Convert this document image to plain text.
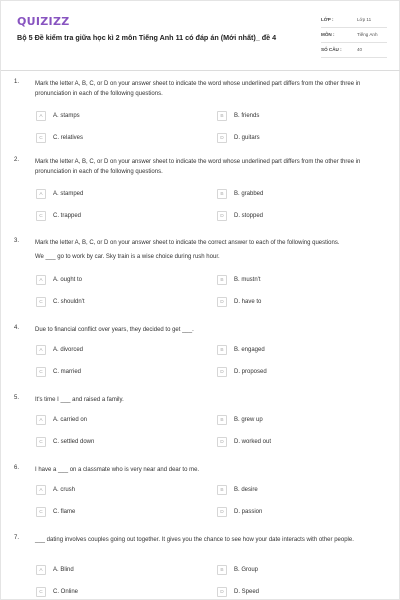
QUIZIZZ
Bộ 5 Đề kiểm tra giữa học kì 2 môn Tiếng Anh 11 có đáp án (Mới nhất)_ đề 4
LỚP :	Lớp 11
MÔN :	Tiếng Anh
SỐ CÂU :	40
1.	Mark the letter A, B, C, or D on your answer sheet to indicate the word whose underlined part differs from the other three in pronunciation in each of the following questions.
A	A. stamps	B	B. friends
C	C. relatives	D	D. guitars
2.	Mark the letter A, B, C, or D on your answer sheet to indicate the word whose underlined part differs from the other three in pronunciation in each of the following questions.
A	A. stamped	B	B. grabbed
C	C. trapped	D	D. stopped
3.	Mark the letter A, B, C, or D on your answer sheet to indicate the correct answer to each of the following questions.
We ___ go to work by car. Sky train is a wise choice during rush hour.
A	A. ought to	B	B. mustn't
C	C. shouldn't	D	D. have to
4.	Due to financial conflict over years, they decided to get ___.
A	A. divorced	B	B. engaged
C	C. married	D	D. proposed
5.	It's time I ___ and raised a family.
A	A. carried on	B	B. grew up
C	C. settled down	D	D. worked out
6.	I have a ___ on a classmate who is very near and dear to me.
A	A. crush	B	B. desire
C	C. flame	D	D. passion
7.	___ dating involves couples going out together. It gives you the chance to see how your date interacts with other people.
A	A. Blind	B	B. Group
C	C. Online	D	D. Speed
